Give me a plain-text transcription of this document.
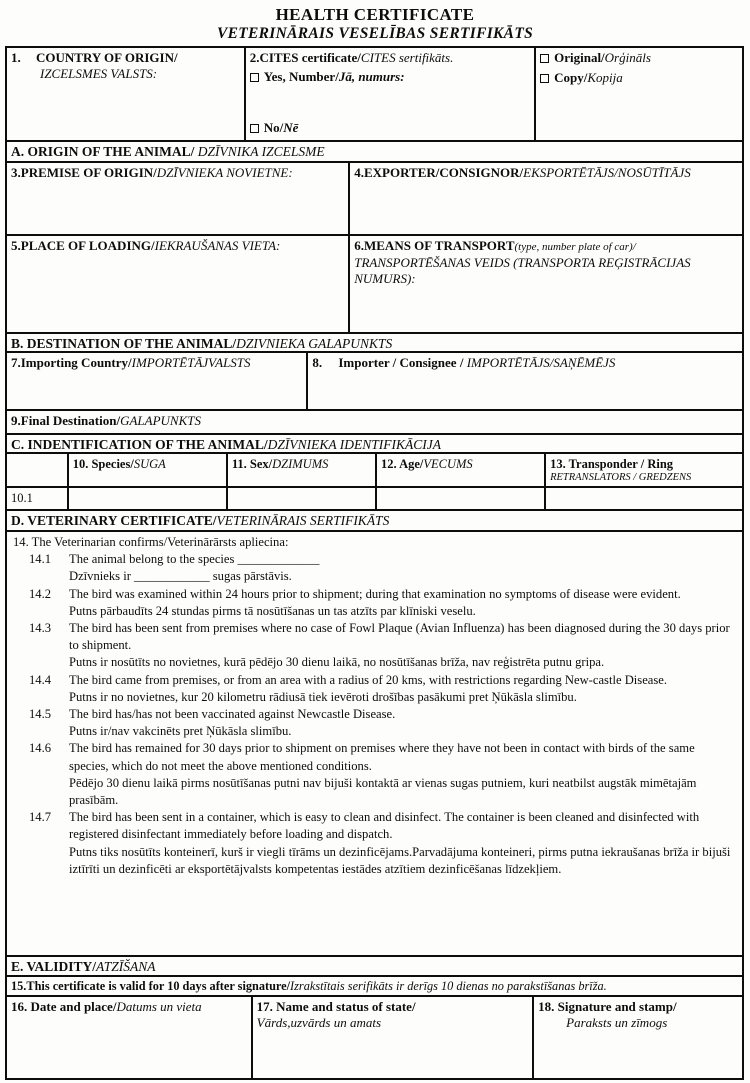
HEALTH CERTIFICATE
VETERINĀRAIS VESELĪBAS SERTIFIKĀTS
1. COUNTRY OF ORIGIN/
IZCELSMES VALSTS:
2.CITES certificate/CITES sertifikāts.
Yes, Number/Jā, numurs:
No/Nē
Original/Orģināls
Copy/Kopija
A. ORIGIN OF THE ANIMAL/
DZĪVNIKA IZCELSME
3.PREMISE OF ORIGIN/DZĪVNIEKA NOVIETNE:	4.EXPORTER/CONSIGNOR/EKSPORTĒTĀJS/NOSŪTĪTĀJS
5.PLACE OF LOADING/IEKRAUŠANAS VIETA:	6.MEANS OF TRANSPORT(type, number plate of car)/ TRANSPORTĒŠANAS VEIDS (TRANSPORTA REĢISTRĀCIJAS NUMURS):
B. DESTINATION OF THE ANIMAL/ DZIVNIEKA GALAPUNKTS
7.Importing Country/IMPORTĒTĀJVALSTS	8. Importer / Consignee / IMPORTĒTĀJS/SAŅĒMĒJS
9.Final Destination/GALAPUNKTS
C. INDENTIFICATION OF THE ANIMAL/ DZĪVNIEKA IDENTIFIKĀCIJA
10. Species/SUGA	11. Sex/DZIMUMS	12. Age/VECUMS	13. Transponder / Ring
RETRANSLATORS / GREDZENS
10.1
D. VETERINARY CERTIFICATE/ VETERINĀRAIS SERTIFIKĀTS
14. The Veterinarian confirms/Veterinārārsts apliecina:
14.1	The animal belong to the species _____________
Dzīvnieks ir ____________ sugas pārstāvis.
14.2	The bird was examined within 24 hours prior to shipment; during that examination no symptoms of disease were evident.
Putns pārbaudīts 24 stundas pirms tā nosūtīšanas un tas atzīts par klīniski veselu.
14.3	The bird has been sent from premises where no case of Fowl Plaque (Avian Influenza) has been diagnosed during the 30 days prior to shipment.
Putns ir nosūtīts no novietnes, kurā pēdējo 30 dienu laikā, no nosūtīšanas brīža, nav reģistrēta putnu gripa.
14.4	The bird came from premises, or from an area with a radius of 20 kms, with restrictions regarding New-castle Disease.
Putns ir no novietnes, kur 20 kilometru rādiusā tiek ievēroti drošības pasākumi pret Ņūkāsla slimību.
14.5	The bird has/has not been vaccinated against Newcastle Disease.
Putns ir/nav vakcinēts pret Ņūkāsla slimību.
14.6	The bird has remained for 30 days prior to shipment on premises where they have not been in contact with birds of the same species, which do not meet the above mentioned conditions.
Pēdējo 30 dienu laikā pirms nosūtīšanas putni nav bijuši kontaktā ar vienas sugas putniem, kuri neatbilst augstāk mimētajām prasībām.
14.7	The bird has been sent in a container, which is easy to clean and disinfect. The container is been cleaned and disinfected with registered disinfectant immediately before loading and dispatch.
Putns tiks nosūtīts konteinerī, kurš ir viegli tīrāms un dezinficējams.Parvadājuma konteineri, pirms putna iekraušanas brīža ir bijuši iztīrīti un dezinficēti ar eksportētājvalsts kompetentas iestādes atzītiem dezinficēšanas līdzekļiem.
E. VALIDITY/ ATZĪŠANA
15.This certificate is valid for 10 days after signature/Izrakstītais serifikāts ir derīgs 10 dienas no parakstīšanas brīža.
16. Date and place/Datums un vieta	17. Name and status of state/
Vārds,uzvārds un amats
18. Signature and stamp/
Paraksts un zīmogs
